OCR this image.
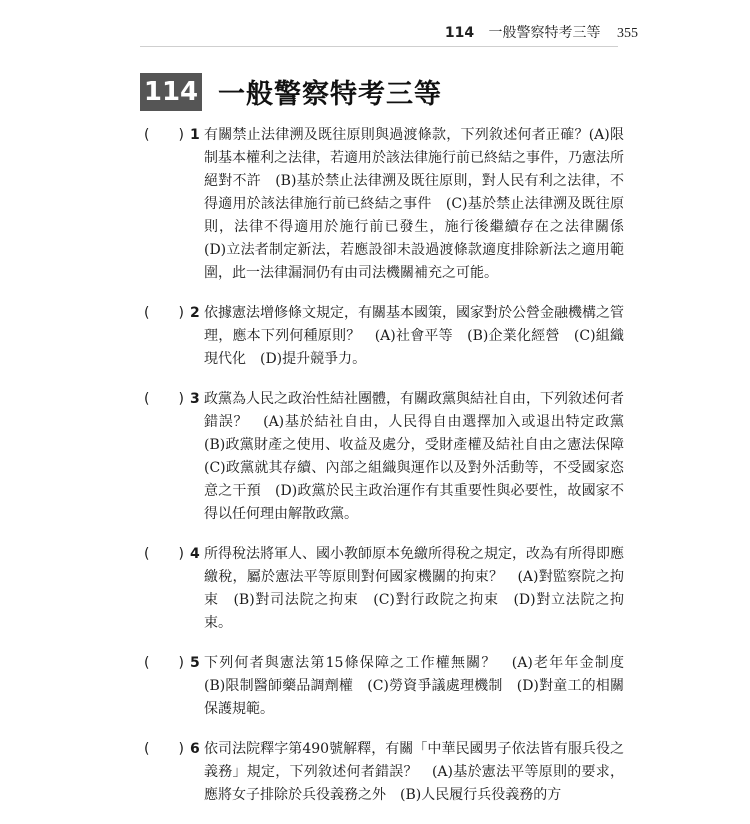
114 一般警察特考三等 355
114 一般警察特考三等
( ) 1 有關禁止法律溯及既往原則與過渡條款，下列敘述何者正確？(A)限制基本權利之法律，若適用於該法律施行前已終結之事件，乃憲法所絕對不許　(B)基於禁止法律溯及既往原則，對人民有利之法律，不得適用於該法律施行前已終結之事件　(C)基於禁止法律溯及既往原則，法律不得適用於施行前已發生，施行後繼續存在之法律關係　(D)立法者制定新法，若應設卻未設過渡條款適度排除新法之適用範圍，此一法律漏洞仍有由司法機關補充之可能。

( ) 2 依據憲法增修條文規定，有關基本國策，國家對於公營金融機構之管理，應本下列何種原則？　(A)社會平等　(B)企業化經營　(C)組織現代化　(D)提升競爭力。

( ) 3 政黨為人民之政治性結社團體，有關政黨與結社自由，下列敘述何者錯誤？　(A)基於結社自由，人民得自由選擇加入或退出特定政黨　(B)政黨財產之使用、收益及處分，受財產權及結社自由之憲法保障　(C)政黨就其存續、內部之組織與運作以及對外活動等，不受國家恣意之干預　(D)政黨於民主政治運作有其重要性與必要性，故國家不得以任何理由解散政黨。

( ) 4 所得稅法將軍人、國小教師原本免繳所得稅之規定，改為有所得即應繳稅，屬於憲法平等原則對何國家機關的拘束？　(A)對監察院之拘束　(B)對司法院之拘束　(C)對行政院之拘束　(D)對立法院之拘束。

( ) 5 下列何者與憲法第15條保障之工作權無關？　(A)老年年金制度　(B)限制醫師藥品調劑權　(C)勞資爭議處理機制　(D)對童工的相關保護規範。

( ) 6 依司法院釋字第490號解釋，有關「中華民國男子依法皆有服兵役之義務」規定，下列敘述何者錯誤？　(A)基於憲法平等原則的要求，應將女子排除於兵役義務之外　(B)人民履行兵役義務的方
